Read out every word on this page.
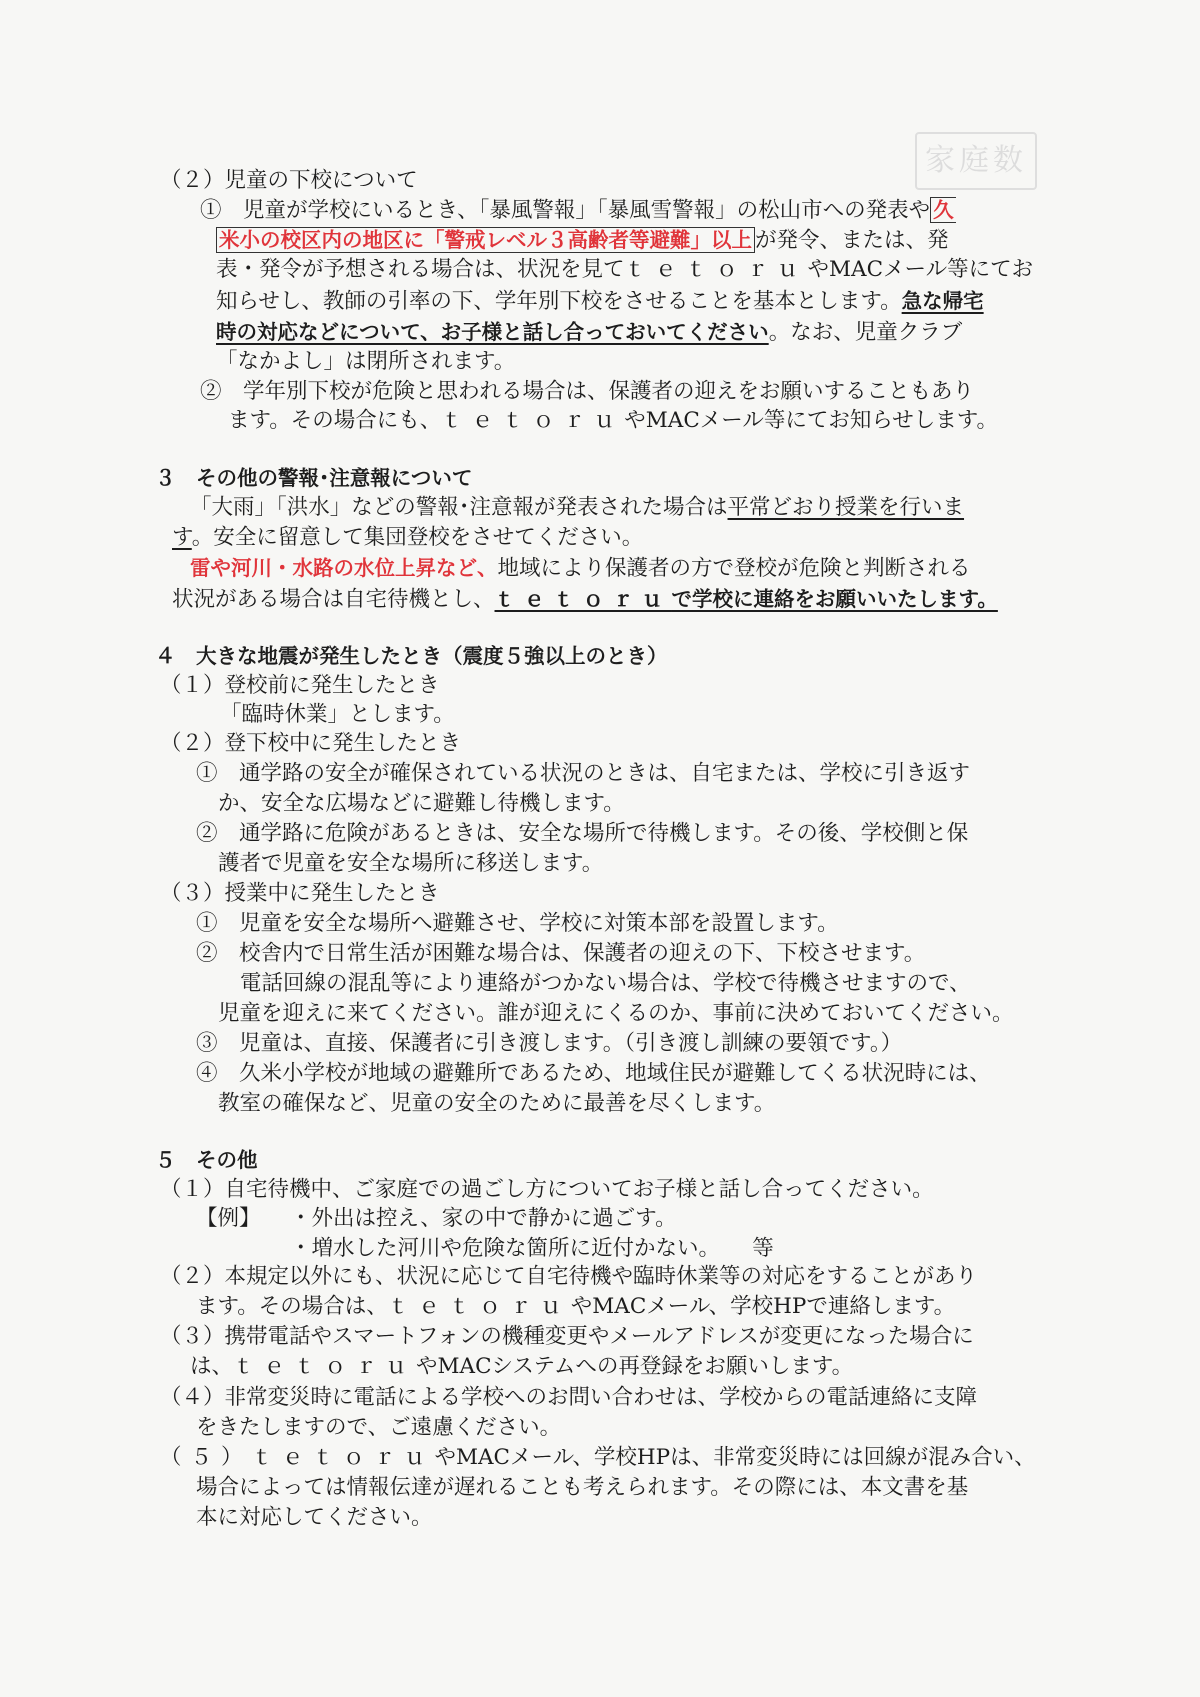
家庭数
（２）児童の下校について
①　児童が学校にいるとき、「暴風警報」「暴風雪警報」の松山市への発表や 久
米小の校区内の地区に「警戒レベル３高齢者等避難」以上 が発令、または、発
表・発令が予想される場合は、状況を見てｔｅｔｏｒｕやMACメール等にてお
知らせし、教師の引率の下、学年別下校をさせることを基本とします。急な帰宅
時の対応などについて、お子様と話し合っておいてください。なお、児童クラブ
「なかよし」は閉所されます。
②　学年別下校が危険と思われる場合は、保護者の迎えをお願いすることもあり
ます。その場合にも、ｔｅｔｏｒｕやMACメール等にてお知らせします。
３　その他の警報･注意報について
「大雨」「洪水」などの警報･注意報が発表された場合は平常どおり授業を行いま
す。安全に留意して集団登校をさせてください。
雷や河川・水路の水位上昇など、地域により保護者の方で登校が危険と判断される
状況がある場合は自宅待機とし、ｔｅｔｏｒｕで学校に連絡をお願いいたします。
４　大きな地震が発生したとき（震度５強以上のとき）
（１）登校前に発生したとき
「臨時休業」とします。
（２）登下校中に発生したとき
①　通学路の安全が確保されている状況のときは、自宅または、学校に引き返す
か、安全な広場などに避難し待機します。
②　通学路に危険があるときは、安全な場所で待機します。その後、学校側と保
護者で児童を安全な場所に移送します。
（３）授業中に発生したとき
①　児童を安全な場所へ避難させ、学校に対策本部を設置します。
②　校舎内で日常生活が困難な場合は、保護者の迎えの下、下校させます。
電話回線の混乱等により連絡がつかない場合は、学校で待機させますので、
児童を迎えに来てください。誰が迎えにくるのか、事前に決めておいてください。
③　児童は、直接、保護者に引き渡します。（引き渡し訓練の要領です。）
④　久米小学校が地域の避難所であるため、地域住民が避難してくる状況時には、
教室の確保など、児童の安全のために最善を尽くします。
５　その他
（１）自宅待機中、ご家庭での過ごし方についてお子様と話し合ってください。
【例】 ・外出は控え、家の中で静かに過ごす。
・増水した河川や危険な箇所に近付かない。　　等
（２）本規定以外にも、状況に応じて自宅待機や臨時休業等の対応をすることがあり
ます。その場合は、ｔｅｔｏｒｕやMACメール、学校HPで連絡します。
（３）携帯電話やスマートフォンの機種変更やメールアドレスが変更になった場合に
は、ｔｅｔｏｒｕやMACシステムへの再登録をお願いします。
（４）非常変災時に電話による学校へのお問い合わせは、学校からの電話連絡に支障
をきたしますので、ご遠慮ください。
（５）ｔｅｔｏｒｕやMACメール、学校HPは、非常変災時には回線が混み合い、
場合によっては情報伝達が遅れることも考えられます。その際には、本文書を基
本に対応してください。
